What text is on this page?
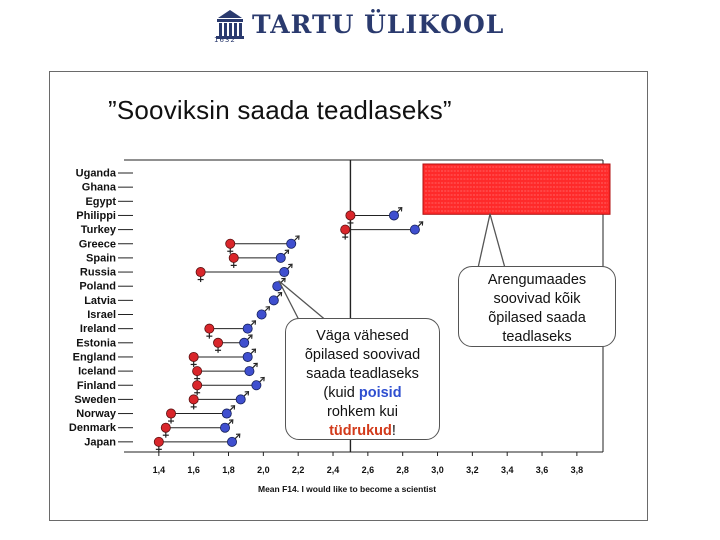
TARTU ÜLIKOOL
1632
”Sooviksin saada teadlaseks”
Uganda
Ghana
Egypt
Philippi
Turkey
Greece
Spain
Russia
Poland
Latvia
Israel
Ireland
Estonia
England
Iceland
Finland
Sweden
Norway
Denmark
Japan
1,4 1,6 1,8 2,0 2,2 2,4 2,6 2,8 3,0 3,2 3,4 3,6 3,8
Mean F14. I would like to become a scientist
Arengumaades
soovivad kõik
õpilased saada
teadlaseks
Väga vähesed
õpilased soovivad
saada teadlaseks
(kuid poisid
rohkem kui
tüdrukud!
